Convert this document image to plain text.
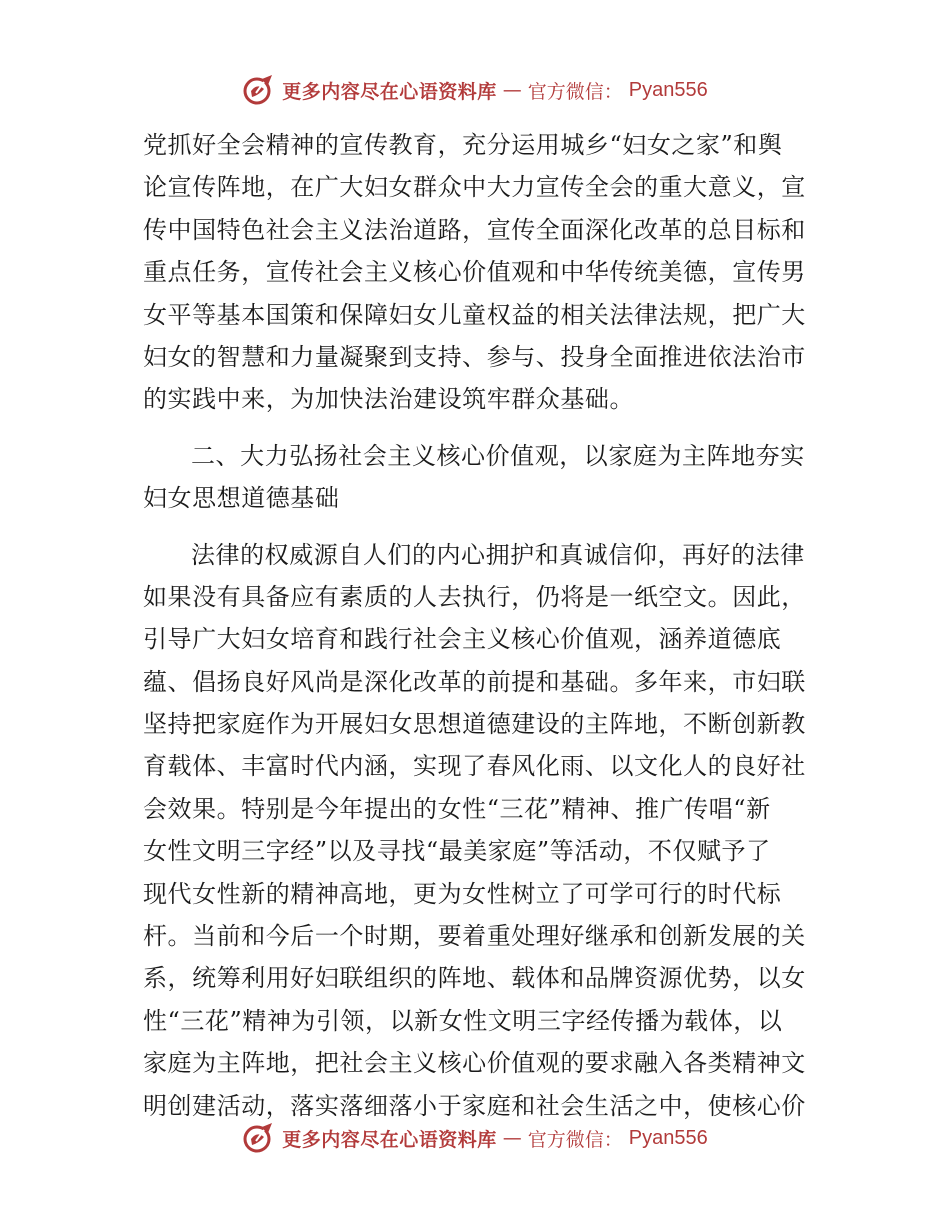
更多内容尽在心语资料库 — 官方微信： Pyan556
党抓好全会精神的宣传教育，充分运用城乡“妇女之家”和舆
论宣传阵地，在广大妇女群众中大力宣传全会的重大意义，宣
传中国特色社会主义法治道路，宣传全面深化改革的总目标和
重点任务，宣传社会主义核心价值观和中华传统美德，宣传男
女平等基本国策和保障妇女儿童权益的相关法律法规，把广大
妇女的智慧和力量凝聚到支持、参与、投身全面推进依法治市
的实践中来，为加快法治建设筑牢群众基础。
二、大力弘扬社会主义核心价值观，以家庭为主阵地夯实
妇女思想道德基础
法律的权威源自人们的内心拥护和真诚信仰，再好的法律
如果没有具备应有素质的人去执行，仍将是一纸空文。因此，
引导广大妇女培育和践行社会主义核心价值观，涵养道德底
蕴、倡扬良好风尚是深化改革的前提和基础。多年来，市妇联
坚持把家庭作为开展妇女思想道德建设的主阵地，不断创新教
育载体、丰富时代内涵，实现了春风化雨、以文化人的良好社
会效果。特别是今年提出的女性“三花”精神、推广传唱“新
女性文明三字经”以及寻找“最美家庭”等活动，不仅赋予了
现代女性新的精神高地，更为女性树立了可学可行的时代标
杆。当前和今后一个时期，要着重处理好继承和创新发展的关
系，统筹利用好妇联组织的阵地、载体和品牌资源优势，以女
性“三花”精神为引领，以新女性文明三字经传播为载体，以
家庭为主阵地，把社会主义核心价值观的要求融入各类精神文
明创建活动，落实落细落小于家庭和社会生活之中，使核心价
更多内容尽在心语资料库 — 官方微信： Pyan556
